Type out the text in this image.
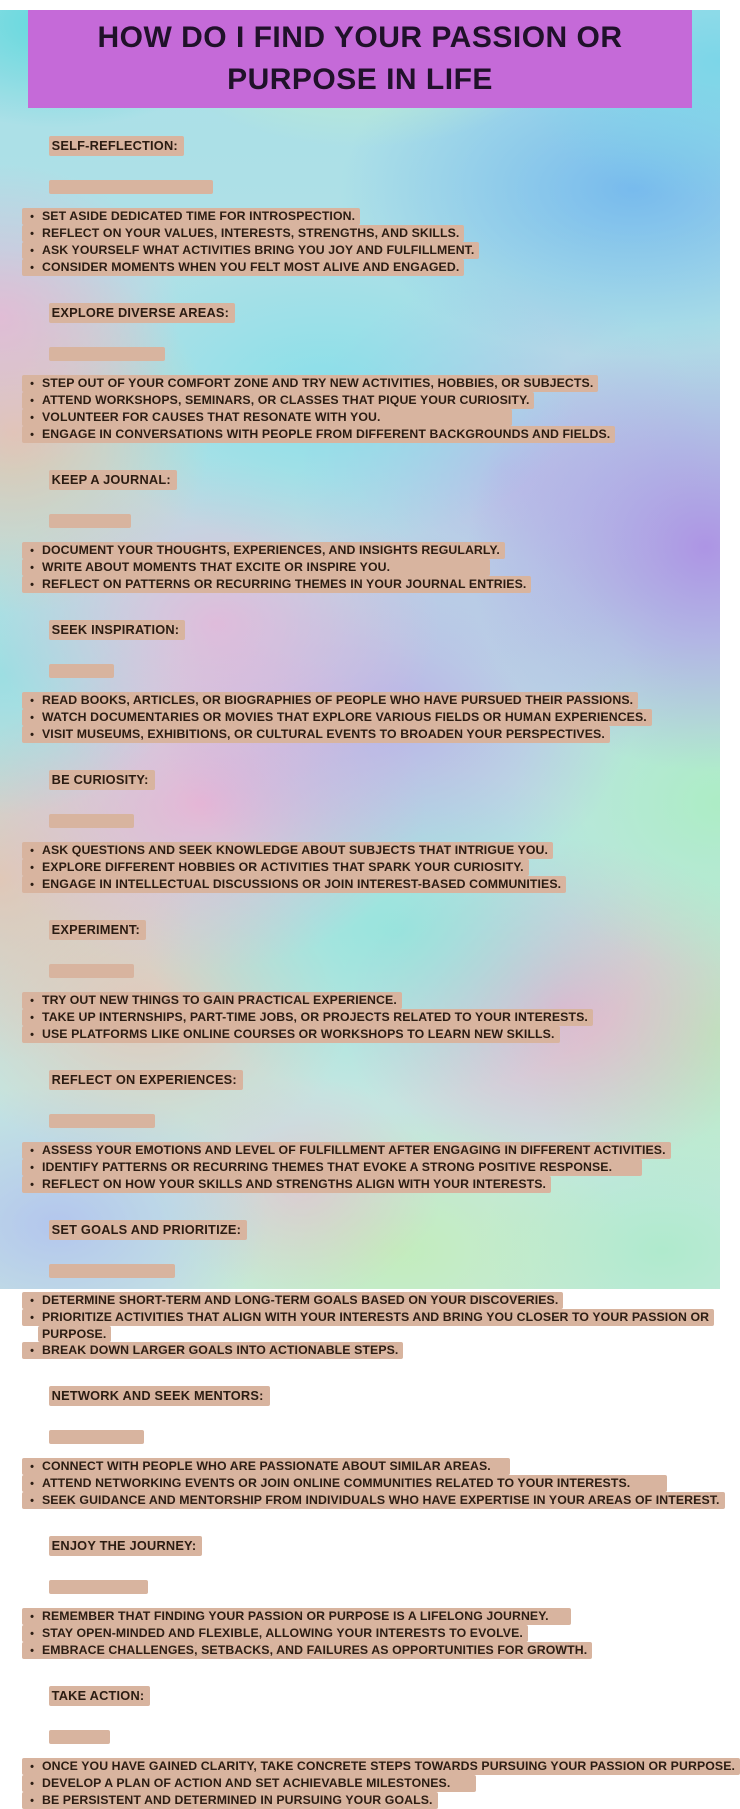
HOW DO I FIND YOUR PASSION OR
PURPOSE IN LIFE

SELF-REFLECTION:

• SET ASIDE DEDICATED TIME FOR INTROSPECTION.
• REFLECT ON YOUR VALUES, INTERESTS, STRENGTHS, AND SKILLS.
• ASK YOURSELF WHAT ACTIVITIES BRING YOU JOY AND FULFILLMENT.
• CONSIDER MOMENTS WHEN YOU FELT MOST ALIVE AND ENGAGED.

EXPLORE DIVERSE AREAS:

• STEP OUT OF YOUR COMFORT ZONE AND TRY NEW ACTIVITIES, HOBBIES, OR SUBJECTS.
• ATTEND WORKSHOPS, SEMINARS, OR CLASSES THAT PIQUE YOUR CURIOSITY.
• VOLUNTEER FOR CAUSES THAT RESONATE WITH YOU.
• ENGAGE IN CONVERSATIONS WITH PEOPLE FROM DIFFERENT BACKGROUNDS AND FIELDS.

KEEP A JOURNAL:

• DOCUMENT YOUR THOUGHTS, EXPERIENCES, AND INSIGHTS REGULARLY.
• WRITE ABOUT MOMENTS THAT EXCITE OR INSPIRE YOU.
• REFLECT ON PATTERNS OR RECURRING THEMES IN YOUR JOURNAL ENTRIES.

SEEK INSPIRATION:

• READ BOOKS, ARTICLES, OR BIOGRAPHIES OF PEOPLE WHO HAVE PURSUED THEIR PASSIONS.
• WATCH DOCUMENTARIES OR MOVIES THAT EXPLORE VARIOUS FIELDS OR HUMAN EXPERIENCES.
• VISIT MUSEUMS, EXHIBITIONS, OR CULTURAL EVENTS TO BROADEN YOUR PERSPECTIVES.

BE CURIOSITY:

• ASK QUESTIONS AND SEEK KNOWLEDGE ABOUT SUBJECTS THAT INTRIGUE YOU.
• EXPLORE DIFFERENT HOBBIES OR ACTIVITIES THAT SPARK YOUR CURIOSITY.
• ENGAGE IN INTELLECTUAL DISCUSSIONS OR JOIN INTEREST-BASED COMMUNITIES.

EXPERIMENT:

• TRY OUT NEW THINGS TO GAIN PRACTICAL EXPERIENCE.
• TAKE UP INTERNSHIPS, PART-TIME JOBS, OR PROJECTS RELATED TO YOUR INTERESTS.
• USE PLATFORMS LIKE ONLINE COURSES OR WORKSHOPS TO LEARN NEW SKILLS.

REFLECT ON EXPERIENCES:

• ASSESS YOUR EMOTIONS AND LEVEL OF FULFILLMENT AFTER ENGAGING IN DIFFERENT ACTIVITIES.
• IDENTIFY PATTERNS OR RECURRING THEMES THAT EVOKE A STRONG POSITIVE RESPONSE.
• REFLECT ON HOW YOUR SKILLS AND STRENGTHS ALIGN WITH YOUR INTERESTS.

SET GOALS AND PRIORITIZE:

• DETERMINE SHORT-TERM AND LONG-TERM GOALS BASED ON YOUR DISCOVERIES.
• PRIORITIZE ACTIVITIES THAT ALIGN WITH YOUR INTERESTS AND BRING YOU CLOSER TO YOUR PASSION OR
PURPOSE.
• BREAK DOWN LARGER GOALS INTO ACTIONABLE STEPS.

NETWORK AND SEEK MENTORS:

• CONNECT WITH PEOPLE WHO ARE PASSIONATE ABOUT SIMILAR AREAS.
• ATTEND NETWORKING EVENTS OR JOIN ONLINE COMMUNITIES RELATED TO YOUR INTERESTS.
• SEEK GUIDANCE AND MENTORSHIP FROM INDIVIDUALS WHO HAVE EXPERTISE IN YOUR AREAS OF INTEREST.

ENJOY THE JOURNEY:

• REMEMBER THAT FINDING YOUR PASSION OR PURPOSE IS A LIFELONG JOURNEY.
• STAY OPEN-MINDED AND FLEXIBLE, ALLOWING YOUR INTERESTS TO EVOLVE.
• EMBRACE CHALLENGES, SETBACKS, AND FAILURES AS OPPORTUNITIES FOR GROWTH.

TAKE ACTION:

• ONCE YOU HAVE GAINED CLARITY, TAKE CONCRETE STEPS TOWARDS PURSUING YOUR PASSION OR PURPOSE.
• DEVELOP A PLAN OF ACTION AND SET ACHIEVABLE MILESTONES.
• BE PERSISTENT AND DETERMINED IN PURSUING YOUR GOALS.
